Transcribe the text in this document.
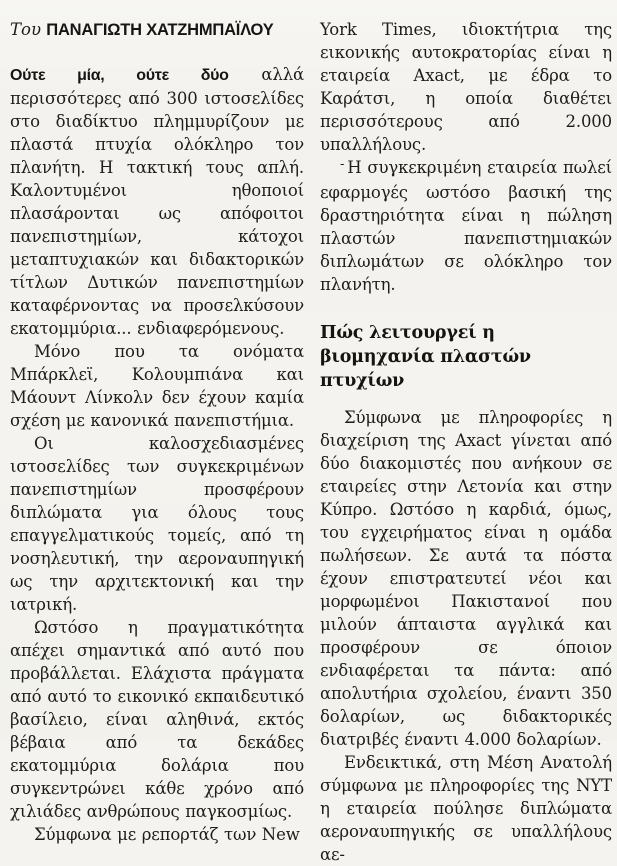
Του ΠΑΝΑΓΙΩΤΗ ΧΑΤΖΗΜΠΑΪΛΟΥ

Ούτε μία, ούτε δύο αλλά περισσότερες από 300 ιστοσελίδες στο διαδίκτυο πλημμυρίζουν με πλαστά πτυχία ολόκληρο τον πλανήτη. Η τακτική τους απλή. Καλοντυμένοι ηθοποιοί πλασάρονται ως απόφοιτοι πανεπιστημίων, κάτοχοι μεταπτυχιακών και διδακτορικών τίτλων Δυτικών πανεπιστημίων καταφέρνοντας να προσελκύσουν εκατομμύρια... ενδιαφερόμενους.

Μόνο που τα ονόματα Μπάρκλεϊ, Κολουμπιάνα και Μάουντ Λίνκολν δεν έχουν καμία σχέση με κανονικά πανεπιστήμια.

Οι καλοσχεδιασμένες ιστοσελίδες των συγκεκριμένων πανεπιστημίων προσφέρουν διπλώματα για όλους τους επαγγελματικούς τομείς, από τη νοσηλευτική, την αεροναυπηγική ως την αρχιτεκτονική και την ιατρική.

Ωστόσο η πραγματικότητα απέχει σημαντικά από αυτό που προβάλλεται. Ελάχιστα πράγματα από αυτό το εικονικό εκπαιδευτικό βασίλειο, είναι αληθινά, εκτός βέβαια από τα δεκάδες εκατομμύρια δολάρια που συγκεντρώνει κάθε χρόνο από χιλιάδες ανθρώπους παγκοσμίως.

Σύμφωνα με ρεπορτάζ των New

York Times, ιδιοκτήτρια της εικονικής αυτοκρατορίας είναι η εταιρεία Axact, με έδρα το Καράτσι, η οποία διαθέτει περισσότερους από 2.000 υπαλλήλους.

- Η συγκεκριμένη εταιρεία πωλεί εφαρμογές ωστόσο βασική της δραστηριότητα είναι η πώληση πλαστών πανεπιστημιακών διπλωμάτων σε ολόκληρο τον πλανήτη.

Πώς λειτουργεί η βιομηχανία πλαστών πτυχίων

Σύμφωνα με πληροφορίες η διαχείριση της Axact γίνεται από δύο διακομιστές που ανήκουν σε εταιρείες στην Λετονία και στην Κύπρο. Ωστόσο η καρδιά, όμως, του εγχειρήματος είναι η ομάδα πωλήσεων. Σε αυτά τα πόστα έχουν επιστρατευτεί νέοι και μορφωμένοι Πακιστανοί που μιλούν άπταιστα αγγλικά και προσφέρουν σε όποιον ενδιαφέρεται τα πάντα: από απολυτήρια σχολείου, έναντι 350 δολαρίων, ως διδακτορικές διατριβές έναντι 4.000 δολαρίων.

Ενδεικτικά, στη Μέση Ανατολή σύμφωνα με πληροφορίες της NYT η εταιρεία πούλησε διπλώματα αεροναυπηγικής σε υπαλλήλους αε-
